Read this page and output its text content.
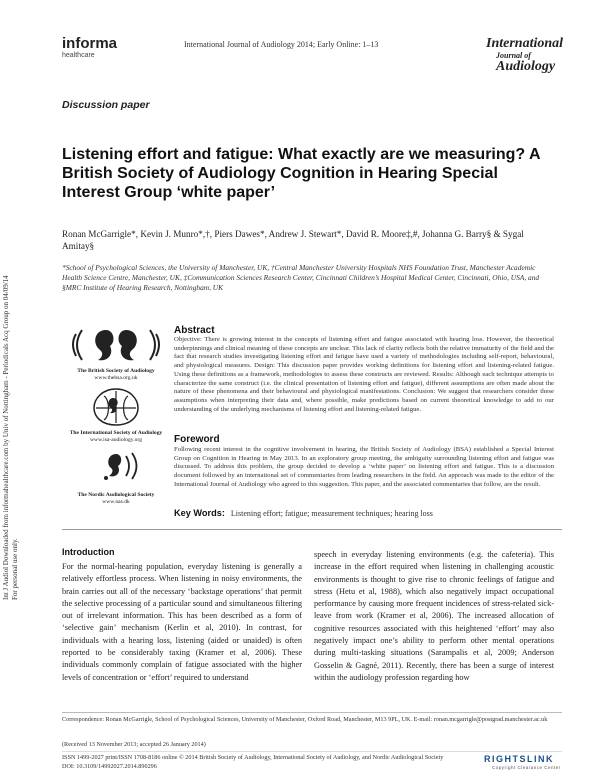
Int J Audiol Downloaded from informahealthcare.com by Univ of Nottingham - Periodicals Acq Group on 04/09/14 For personal use only.
informa
healthcare
International Journal of Audiology 2014; Early Online: 1–13	International
Journal of
Audiology
Discussion paper
Listening effort and fatigue: What exactly are we measuring? A British Society of Audiology Cognition in Hearing Special Interest Group ‘white paper’
Ronan McGarrigle*, Kevin J. Munro*,†, Piers Dawes*, Andrew J. Stewart*, David R. Moore‡,#, Johanna G. Barry§ & Sygal Amitay§
*School of Psychological Sciences, the University of Manchester, UK, †Central Manchester University Hospitals NHS Foundation Trust, Manchester Academic Health Science Centre, Manchester, UK, ‡Communication Sciences Research Center, Cincinnati Children’s Hospital Medical Center, Cincinnati, Ohio, USA, and §MRC Institute of Hearing Research, Nottingham, UK
The British Society of Audiology
www.thebsa.org.uk
The International Society of Audiology
www.isa-audiology.org
The Nordic Audiological Society
www.nas.dk
Abstract
Objective: There is growing interest in the concepts of listening effort and fatigue associated with hearing loss. However, the theoretical underpinnings and clinical meaning of these concepts are unclear. This lack of clarity reflects both the relative immaturity of the field and the fact that research studies investigating listening effort and fatigue have used a variety of methodologies including self-report, behavioural, and physiological measures. Design: This discussion paper provides working definitions for listening effort and listening-related fatigue. Using these definitions as a framework, methodologies to assess these constructs are reviewed. Results: Although each technique attempts to characterize the same construct (i.e. the clinical presentation of listening effort and fatigue), different assumptions are often made about the nature of these phenomena and their behavioural and physiological manifestations. Conclusion: We suggest that researchers consider these assumptions when interpreting their data and, where possible, make predictions based on current theoretical knowledge to add to our understanding of the underlying mechanisms of listening effort and listening-related fatigue.
Foreword
Following recent interest in the cognitive involvement in hearing, the British Society of Audiology (BSA) established a Special Interest Group on Cognition in Hearing in May 2013. In an exploratory group meeting, the ambiguity surrounding listening effort and fatigue was discussed. To address this problem, the group decided to develop a ‘white paper’ on listening effort and fatigue. This is a discussion document followed by an international set of commentaries from leading researchers in the field. An approach was made to the editor of the International Journal of Audiology who agreed to this suggestion. This paper, and the associated commentaries that follow, are the result.
Key Words: Listening effort; fatigue; measurement techniques; hearing loss
Introduction
For the normal-hearing population, everyday listening is generally a relatively effortless process. When listening in noisy environments, the brain carries out all of the necessary ‘backstage operations’ that permit the selective processing of a particular sound and simultaneous filtering out of irrelevant information. This has been described as a form of ‘selective gain’ mechanism (Kerlin et al, 2010). In contrast, for individuals with a hearing loss, listening (aided or unaided) is often reported to be considerably taxing (Kramer et al, 2006). These individuals commonly complain of fatigue associated with the higher levels of concentration or ‘effort’ required to understand
speech in everyday listening environments (e.g. the cafeteria). This increase in the effort required when listening in challenging acoustic environments is thought to give rise to chronic feelings of fatigue and stress (Hetu et al, 1988), which also negatively impact occupational performance by causing more frequent incidences of stress-related sick-leave from work (Kramer et al, 2006). The increased allocation of cognitive resources associated with this heightened ‘effort’ may also negatively impact one’s ability to perform other mental operations during multi-tasking situations (Sarampalis et al, 2009; Anderson Gosselin & Gagné, 2011). Recently, there has been a surge of interest within the audiology profession regarding how
Correspondence: Ronan McGarrigle, School of Psychological Sciences, University of Manchester, Oxford Road, Manchester, M13 9PL, UK. E-mail: ronan.mcgarrigle@postgrad.manchester.ac.uk
(Received 13 November 2013; accepted 26 January 2014)
ISSN 1499-2027 print/ISSN 1708-8186 online © 2014 British Society of Audiology, International Society of Audiology, and Nordic Audiological Society
DOI: 10.3109/14992027.2014.890296
RIGHTSLINK
Copyright Clearance Center
